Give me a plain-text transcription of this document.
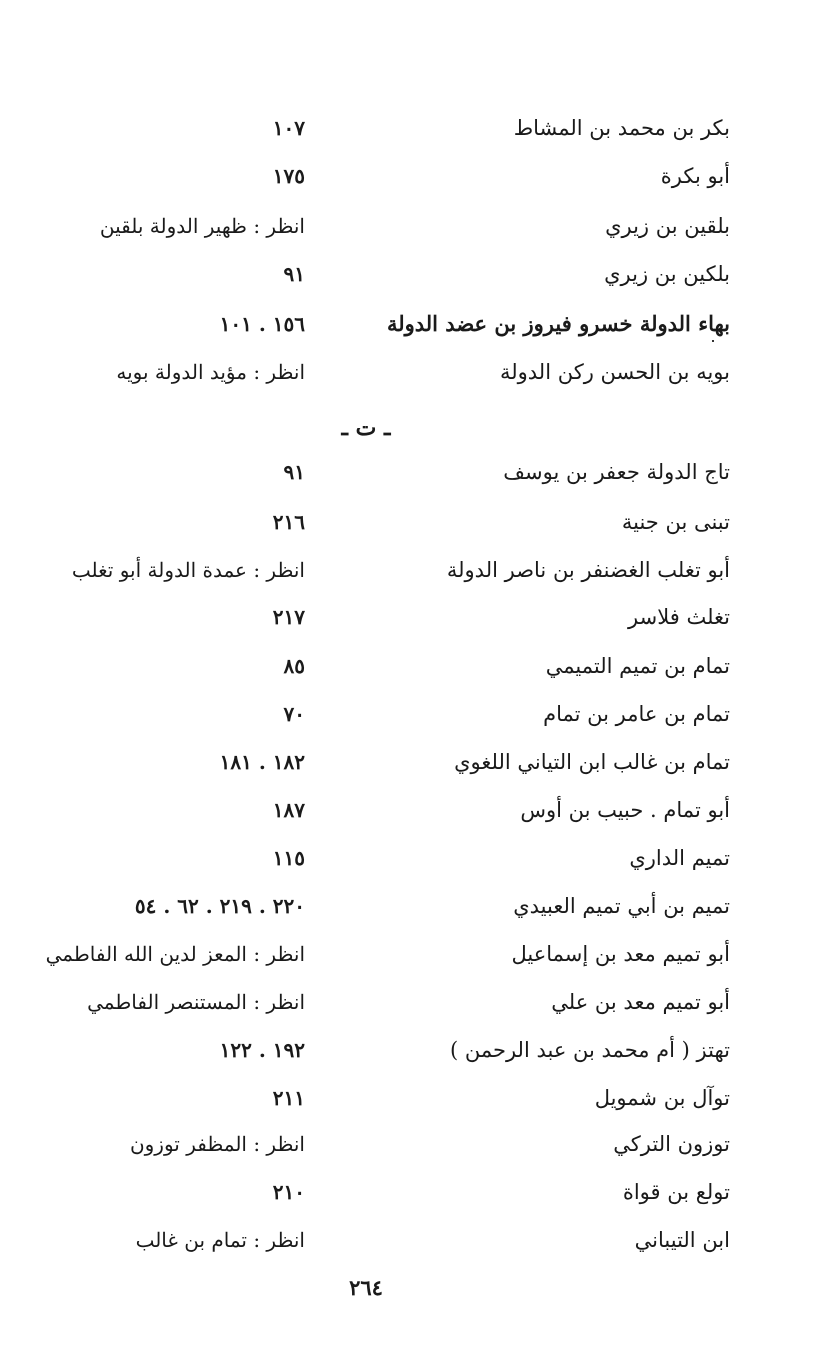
بكر بن محمد بن المشاط
١٠٧
أبو بكرة
١٧٥
بلقين بن زيري
انظر : ظهير الدولة بلقين
بلكين بن زيري
٩١
بهاء الدولة خسرو فيروز بن عضد الدولة
١٥٦ . ١٠١
بويه بن الحسن ركن الدولة
انظر : مؤيد الدولة بويه
ـ ت ـ
تاج الدولة جعفر بن يوسف
٩١
تبنى بن جنية
٢١٦
أبو تغلب الغضنفر بن ناصر الدولة
انظر : عمدة الدولة أبو تغلب
تغلث فلاسر
٢١٧
تمام بن تميم التميمي
٨٥
تمام بن عامر بن تمام
٧٠
تمام بن غالب ابن التياني اللغوي
١٨٢ . ١٨١
أبو تمام . حبيب بن أوس
١٨٧
تميم الداري
١١٥
تميم بن أبي تميم العبيدي
٢٢٠ . ٢١٩ . ٦٢ . ٥٤
أبو تميم معد بن إسماعيل
انظر : المعز لدين الله الفاطمي
أبو تميم معد بن علي
انظر : المستنصر الفاطمي
تهتز ( أم محمد بن عبد الرحمن )
١٩٢ . ١٢٢
توآل بن شمويل
٢١١
توزون التركي
انظر : المظفر توزون
تولع بن قواة
٢١٠
ابن التيباني
انظر : تمام بن غالب
٢٦٤
